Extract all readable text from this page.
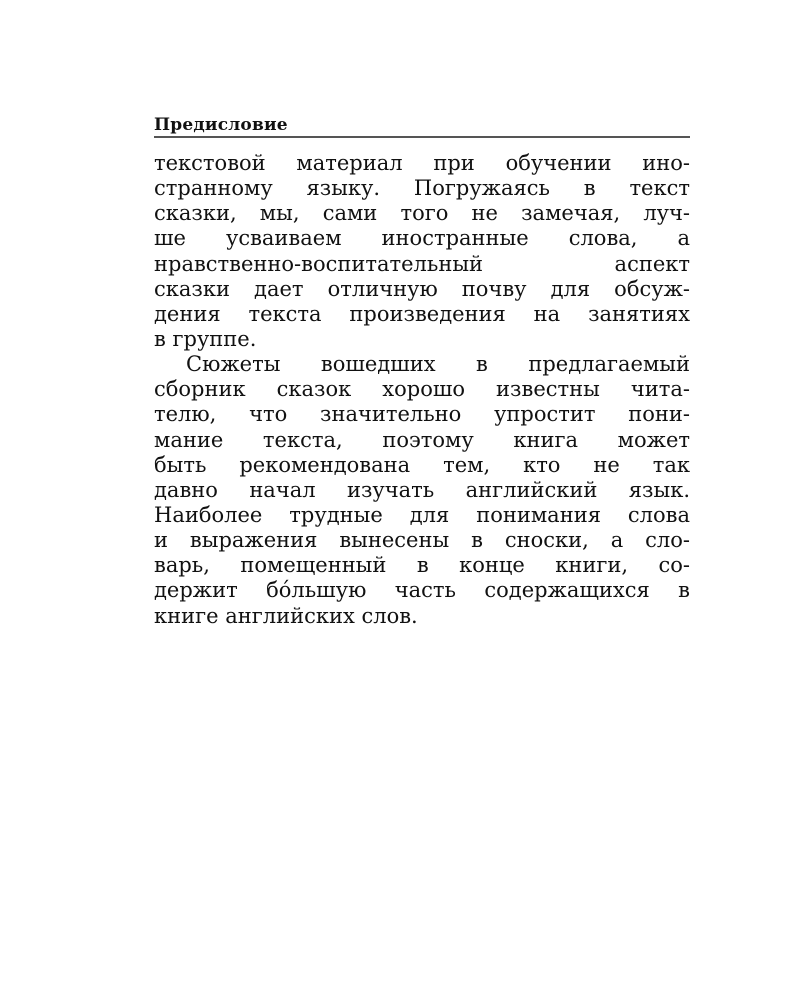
Предисловие
текстовой материал при обучении ино-
странному языку. Погружаясь в текст
сказки, мы, сами того не замечая, луч-
ше усваиваем иностранные слова, а
нравственно-воспитательный аспект
сказки дает отличную почву для обсуж-
дения текста произведения на занятиях
в группе.
Сюжеты вошедших в предлагаемый
сборник сказок хорошо известны чита-
телю, что значительно упростит пони-
мание текста, поэтому книга может
быть рекомендована тем, кто не так
давно начал изучать английский язык.
Наиболее трудные для понимания слова
и выражения вынесены в сноски, а сло-
варь, помещенный в конце книги, со-
держит бóльшую часть содержащихся в
книге английских слов.
